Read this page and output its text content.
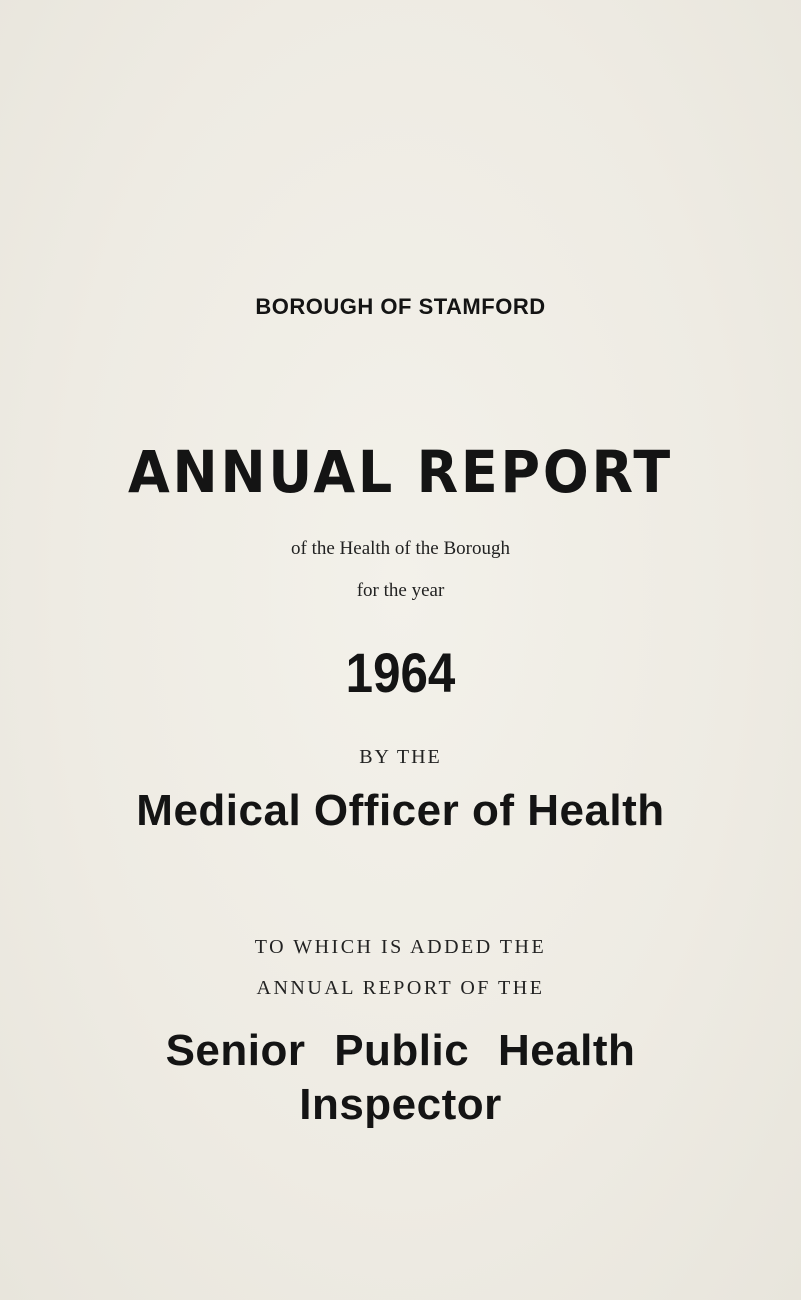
BOROUGH OF STAMFORD
ANNUAL REPORT
of the Health of the Borough
for the year
1964
BY THE
Medical Officer of Health
TO WHICH IS ADDED THE
ANNUAL REPORT OF THE
Senior Public Health
Inspector
